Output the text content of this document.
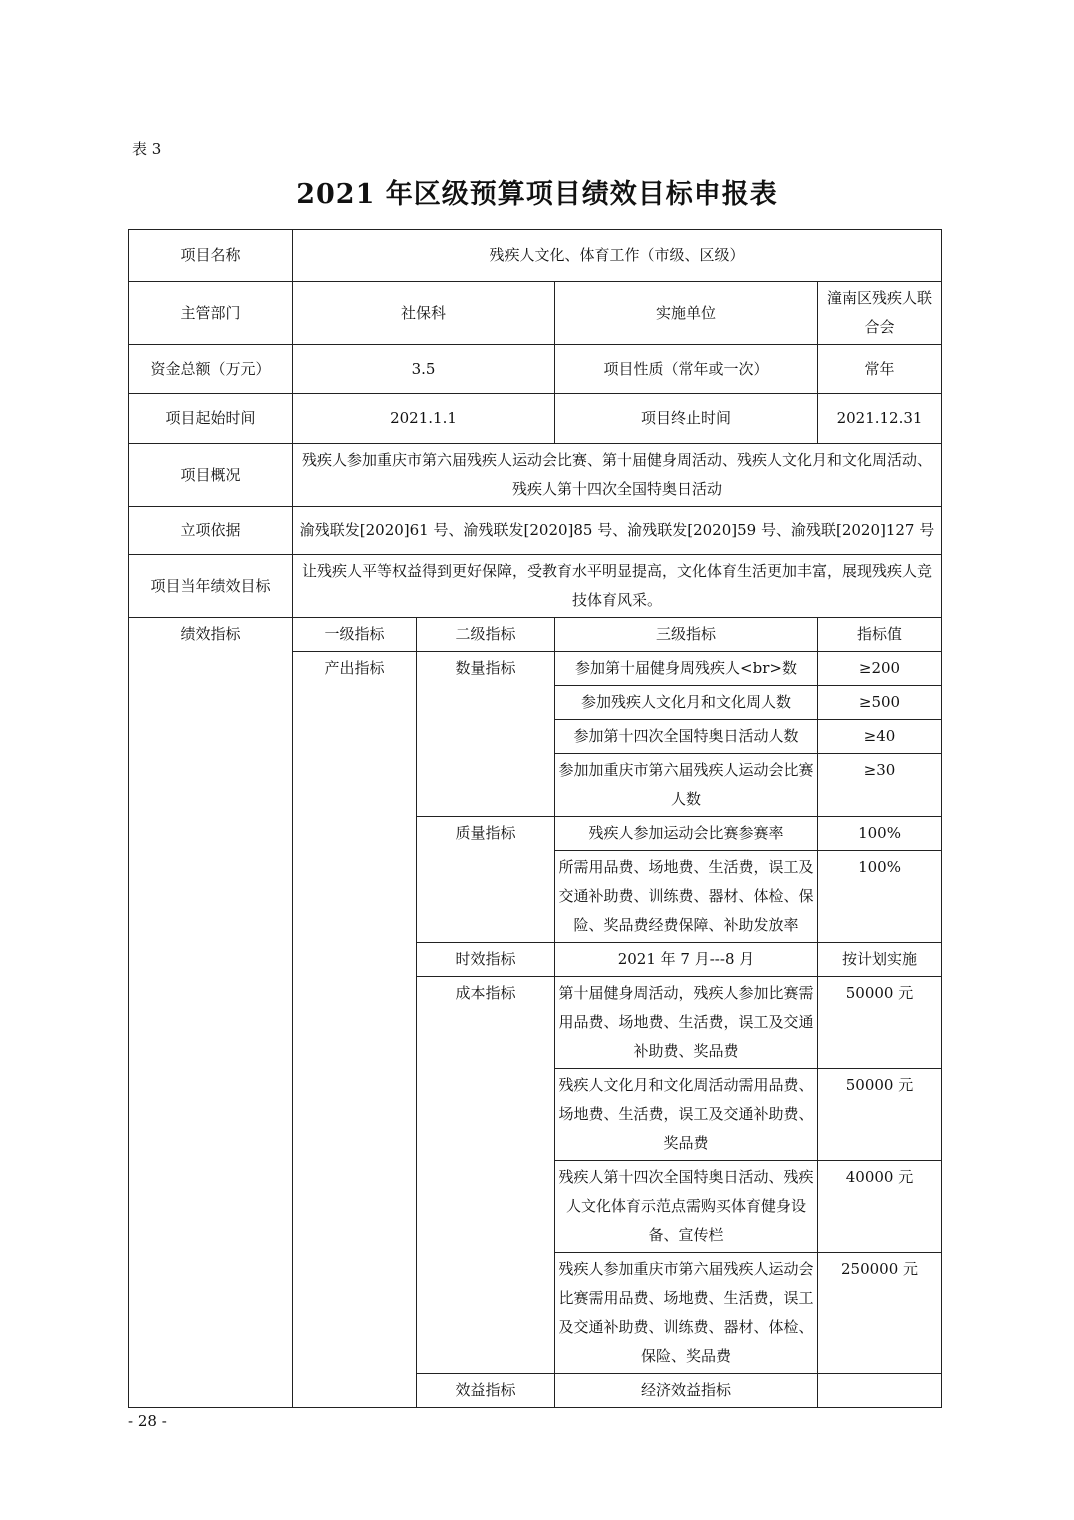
表 3
2021 年区级预算项目绩效目标申报表
项目名称	残疾人文化、体育工作（市级、区级）				
主管部门	社保科		实施单位	潼南区残疾人联合会	
资金总额（万元）	3.5		项目性质（常年或一次）	常年	
项目起始时间	2021.1.1		项目终止时间	2021.12.31	
项目概况	残疾人参加重庆市第六届残疾人运动会比赛、第十届健身周活动、残疾人文化月和文化周活动、残疾人第十四次全国特奥日活动				
立项依据	渝残联发[2020]61 号、渝残联发[2020]85 号、渝残联发[2020]59 号、渝残联[2020]127 号				
项目当年绩效目标	让残疾人平等权益得到更好保障，受教育水平明显提高，文化体育生活更加丰富，展现残疾人竞技体育风采。				
绩效指标	一级指标	二级指标	三级指标	指标值	
	产出指标	数量指标	参加第十届健身周残疾人<br>数	≥200	
			参加残疾人文化月和文化周人数	≥500	
			参加第十四次全国特奥日活动人数	≥40	
			参加加重庆市第六届残疾人运动会比赛人数	≥30	
		质量指标	残疾人参加运动会比赛参赛率	100%	
			所需用品费、场地费、生活费，误工及交通补助费、训练费、器材、体检、保险、奖品费经费保障、补助发放率	100%	
		时效指标	2021 年 7 月---8 月	按计划实施	
		成本指标	第十届健身周活动，残疾人参加比赛需用品费、场地费、生活费，误工及交通补助费、奖品费	50000 元	
			残疾人文化月和文化周活动需用品费、场地费、生活费，误工及交通补助费、奖品费	50000 元	
			残疾人第十四次全国特奥日活动、残疾人文化体育示范点需购买体育健身设备、宣传栏	40000 元	
			残疾人参加重庆市第六届残疾人运动会比赛需用品费、场地费、生活费，误工及交通补助费、训练费、器材、体检、保险、奖品费	250000 元	
		效益指标	经济效益指标		
- 28 -
